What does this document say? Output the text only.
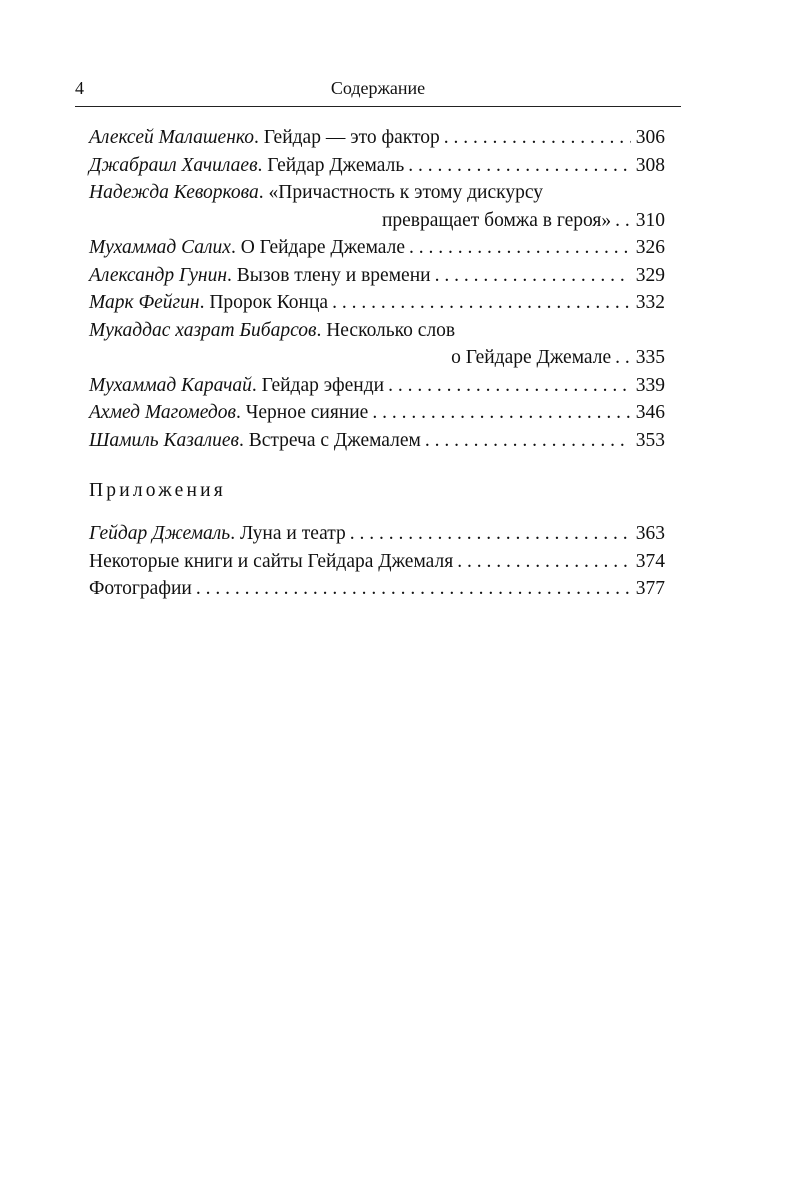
4	Содержание
Алексей Малашенко. Гейдар — это фактор . . .	306
Джабраил Хачилаев. Гейдар Джемаль . . .	308
Надежда Кеворкова. «Причастность к этому дискурсу
превращает бомжа в героя» . . 310
Мухаммад Салих. О Гейдаре Джемале . . .	326
Александр Гунин. Вызов тлену и времени . . .	329
Марк Фейгин. Пророк Конца . . .	332
Мукаддас хазрат Бибарсов. Несколько слов
о Гейдаре Джемале . . 335
Мухаммад Карачай. Гейдар эфенди . . .	339
Ахмед Магомедов. Черное сияние . . .	346
Шамиль Казалиев. Встреча с Джемалем . . .	353
Приложения
Гейдар Джемаль. Луна и театр . . .	363
Некоторые книги и сайты Гейдара Джемаля . . .	374
Фотографии . . .	377
